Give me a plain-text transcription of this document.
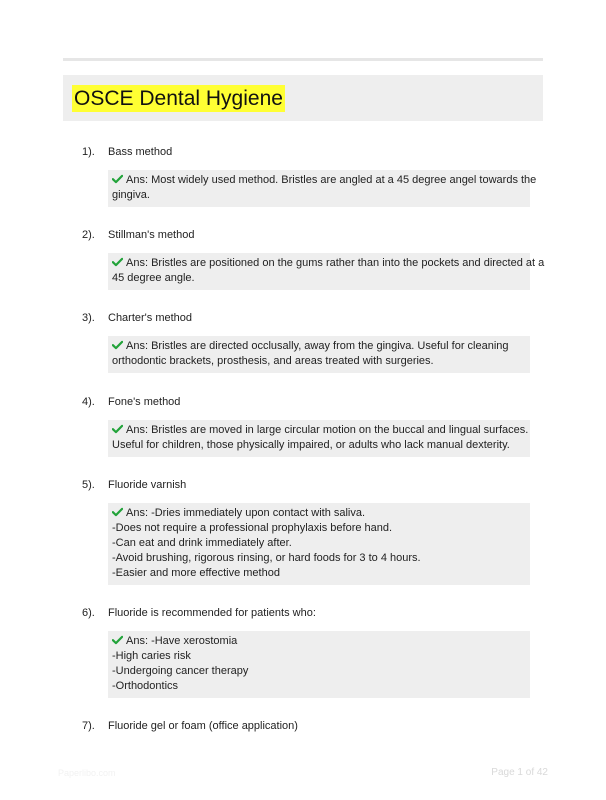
OSCE Dental Hygiene
1). Bass method
Ans: Most widely used method. Bristles are angled at a 45 degree angel towards the
gingiva.
2). Stillman's method
Ans: Bristles are positioned on the gums rather than into the pockets and directed at a
45 degree angle.
3). Charter's method
Ans: Bristles are directed occlusally, away from the gingiva. Useful for cleaning
orthodontic brackets, prosthesis, and areas treated with surgeries.
4). Fone's method
Ans: Bristles are moved in large circular motion on the buccal and lingual surfaces.
Useful for children, those physically impaired, or adults who lack manual dexterity.
5). Fluoride varnish
Ans: -Dries immediately upon contact with saliva.
-Does not require a professional prophylaxis before hand.
-Can eat and drink immediately after.
-Avoid brushing, rigorous rinsing, or hard foods for 3 to 4 hours.
-Easier and more effective method
6). Fluoride is recommended for patients who:
Ans: -Have xerostomia
-High caries risk
-Undergoing cancer therapy
-Orthodontics
7). Fluoride gel or foam (office application)
Paperlibo.com	Page 1 of 42
